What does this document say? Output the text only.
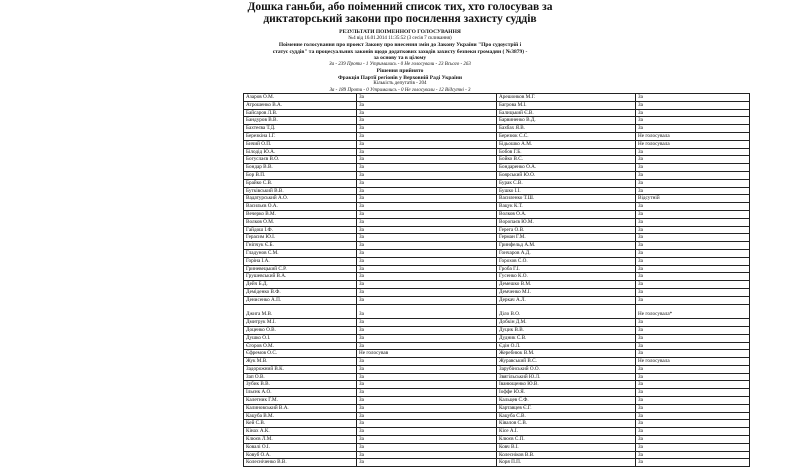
Дошка ганьби, або поіменний список тих, хто голосував за
диктаторський закони про посилення захисту суддів
РЕЗУЛЬТАТИ ПОІМЕННОГО ГОЛОСУВАННЯ
№4 від 16.01.2014 11:35:52 (3 сесія 7 скликання)
Поіменне голосування про проект Закону про внесення змін до Закону України "Про судоустрій і
статус суддів" та процесуальних законів щодо додаткових заходів захисту безпеки громадян ( №3879) -
за основу та в цілому
За - 239 Проти - 1 Утримались - 0 Не голосували - 23 Всього - 263
Рішення прийнято
Фракція Партії регіонів у Верховній Раді України
Кількість депутатів - 204
За - 189 Проти - 0 Утримались - 0 Не голосували - 12 Відсутні - 3
Азаров О.М.	За	Арешонков М.Г.	За
Атрошенко В.А.	За	Багрова М.І.	За
Байсаров Л.В.	За	Балицький Є.В.	За
Бандуров В.В.	За	Барвиненко В.Д.	За
Бахтеєва Т.Д.	За	Бахбах Я.В.	За
Березкіна І.Г.	За	Березюк С.С.	Не голосувала
Бичий О.П.	За	Бідьошко А.М.	Не голосувала
Білодід Ю.А.	За	Бобов Г.Б.	За
Богуслаєв В.О.	За	Бойко В.С.	За
Бондар В.В.	За	Бондаренко О.А.	За
Бор В.П.	За	Боярський Ю.О.	За
Брайко С.В.	За	Бурак С.В.	За
Бутківський В.В.	За	Бушко І.І.	За
Вадатурський А.О.	За	Василенко Т.Ш.	Відсутній
Васильєв О.А.	За	Вацук К.Т.	За
Вечерко В.М.	За	Волков О.А.	За
Волков О.М.	За	Воропаєв Ю.М.	За
Гайдош І.Ф.	За	Герега О.В.	За
Герасим Ю.І.	За	Герман Г.М.	За
Гніпчук Є.Б.	За	Гринфельд А.М.	За
Гладунов С.М.	За	Гончаров А.Д.	За
Горіна І.А.	За	Горохов С.О.	За
Гриневецький С.Р.	За	Гроба Г.І.	За
Грушевський В.А.	За	Гусенко К.О.	За
Дейч Б.Д.	За	Демешко В.М.	За
Деміденко В.Ф.	За	Демченко М.І.	За
Денисенко А.П.	За	Деркач А.Л.	За
Джига М.В.	За	Діло В.О.	Не голосувала*
Дмитрук М.І.	За	Добкін Д.М.	За
Доценко О.В.	За	Дуцик В.В.	За
Душко О.І.	За	Дудник С.В.	За
Єгоров О.М.	За	Єдін О.Л.	За
Єфремов О.С.	Не голосував	Жеребнюк В.М.	За
Жук М.В.	За	Журавський В.С.	Не голосувала
Задорожний В.К.	За	Зарубінський О.О.	За
Зап О.В.	За	Звягільський Ю.Л.	За
Зубик В.В.	За	Іванющенко Ю.В.	За
Ільєнк А.О.	За	Іоффе Ю.Я.	За
Калетник Г.М.	За	Кальцев С.Ф.	За
Калиновський В.А.	За	Картавцев Є.Г.	За
Кацуба В.М.	За	Кацуба С.В.	За
Кей С.В.	За	Ківалов С.В.	За
Кінах А.К.	За	Кісе А.І.	За
Клюєв Л.М.	За	Клюєв С.П.	За
Ковалі О.І.	За	Ковч В.І.	За
Ковуб О.А.	За	Колесніков В.В.	За
Колесніченко В.В.	За	Коря П.П.	За
